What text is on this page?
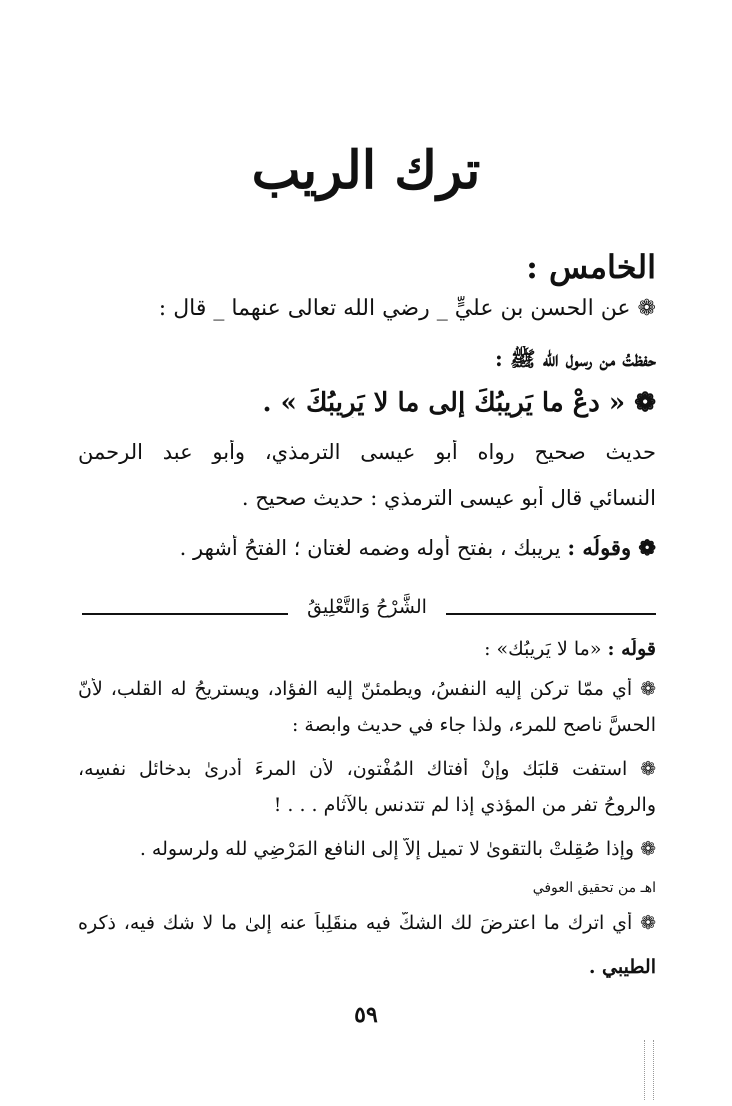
ترك الريب
الخامس :
❁ عن الحسن بن عليٍّ _ رضي الله تعالى عنهما _ قال :
حفظتُ من رسول الله ﷺ :
❁ « دعْ ما يَرِيبُكَ إلى ما لا يَرِيبُكَ » .
حديث صحيح رواه أبو عيسى الترمذي، وأبو عبد الرحمن
النسائي قال أبو عيسى الترمذي : حديث صحيح .
❁ وقولُه : يريبك ، بفتح أوله وضمه لغتان ؛ الفتحُ أشهر .
الشَّرْحُ وَالتَّعْلِيقُ
قولُه : «ما لا يَرِيبُك» :
❁ أي ممّا تركن إليه النفسُ، ويطمئنّ إليه الفؤاد، ويستريحُ له القلب، لأنّ
الحسَّ ناصح للمرء، ولذا جاء في حديث وابصة :
❁ استفت قلبَك وإنْ أفتاك المُفْتون، لأن المرءَ أدرىٰ بدخائل نفسِه،
والروحُ تفر من المؤذي إذا لم تتدنس بالآثام . . . !
❁ وإذا صُقِلتْ بالتقوىٰ لا تميل إلاّ إلى النافعِ المَرْضِي لله ولرسوله .
اهـ من تحقيق العوفي
❁ أي اترك ما اعترضَ لك الشكُّ فيه منقَلِباً عنه إلىٰ ما لا شك فيه، ذكره
الطيبي .
٥٩
